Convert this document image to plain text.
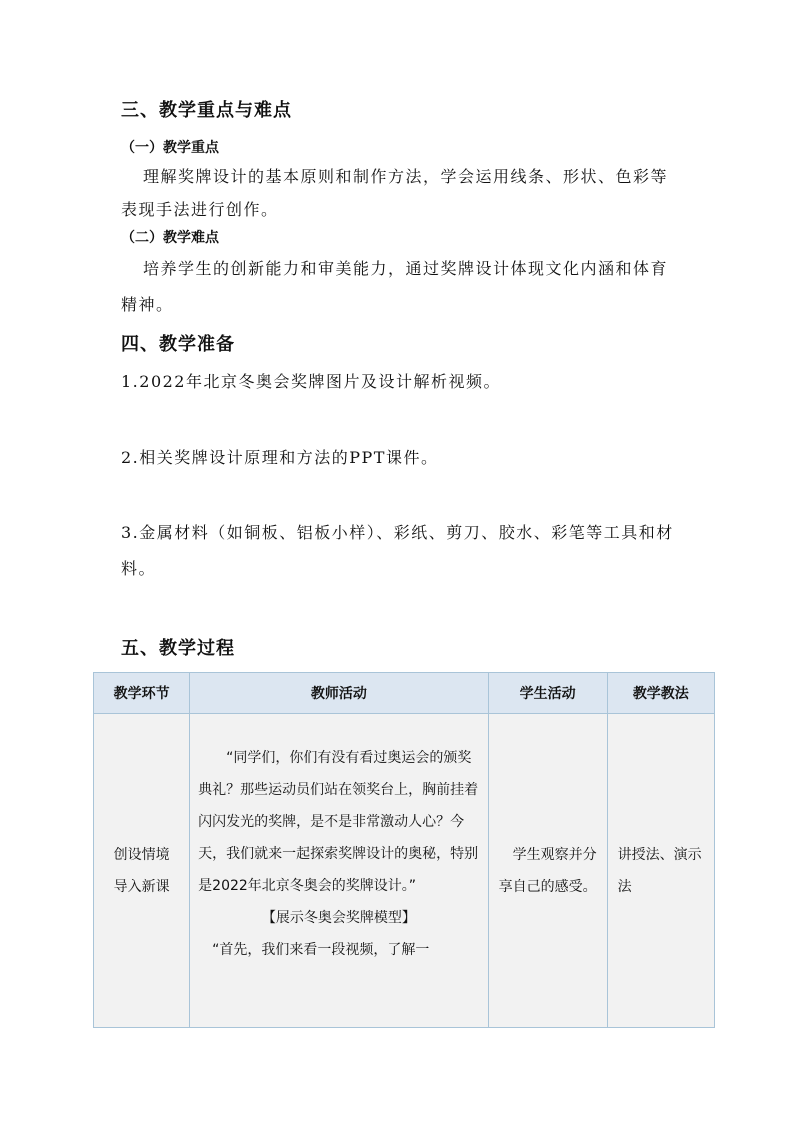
三、教学重点与难点
（一）教学重点
理解奖牌设计的基本原则和制作方法，学会运用线条、形状、色彩等表现手法进行创作。
（二）教学难点
培养学生的创新能力和审美能力，通过奖牌设计体现文化内涵和体育精神。
四、教学准备
1.2022年北京冬奥会奖牌图片及设计解析视频。
2.相关奖牌设计原理和方法的PPT课件。
3.金属材料（如铜板、铝板小样）、彩纸、剪刀、胶水、彩笔等工具和材料。
五、教学过程
教学环节	教师活动	学生活动	教学教法

创设情境导入新课	“同学们，你们有没有看过奥运会的颁奖典礼？那些运动员们站在领奖台上，胸前挂着闪闪发光的奖牌，是不是非常激动人心？今天，我们就来一起探索奖牌设计的奥秘，特别是2022年北京冬奥会的奖牌设计。”

【展示冬奥会奖牌模型】

“首先，我们来看一段视频，了解一	学生观察并分享自己的感受。	讲授法、演示法
